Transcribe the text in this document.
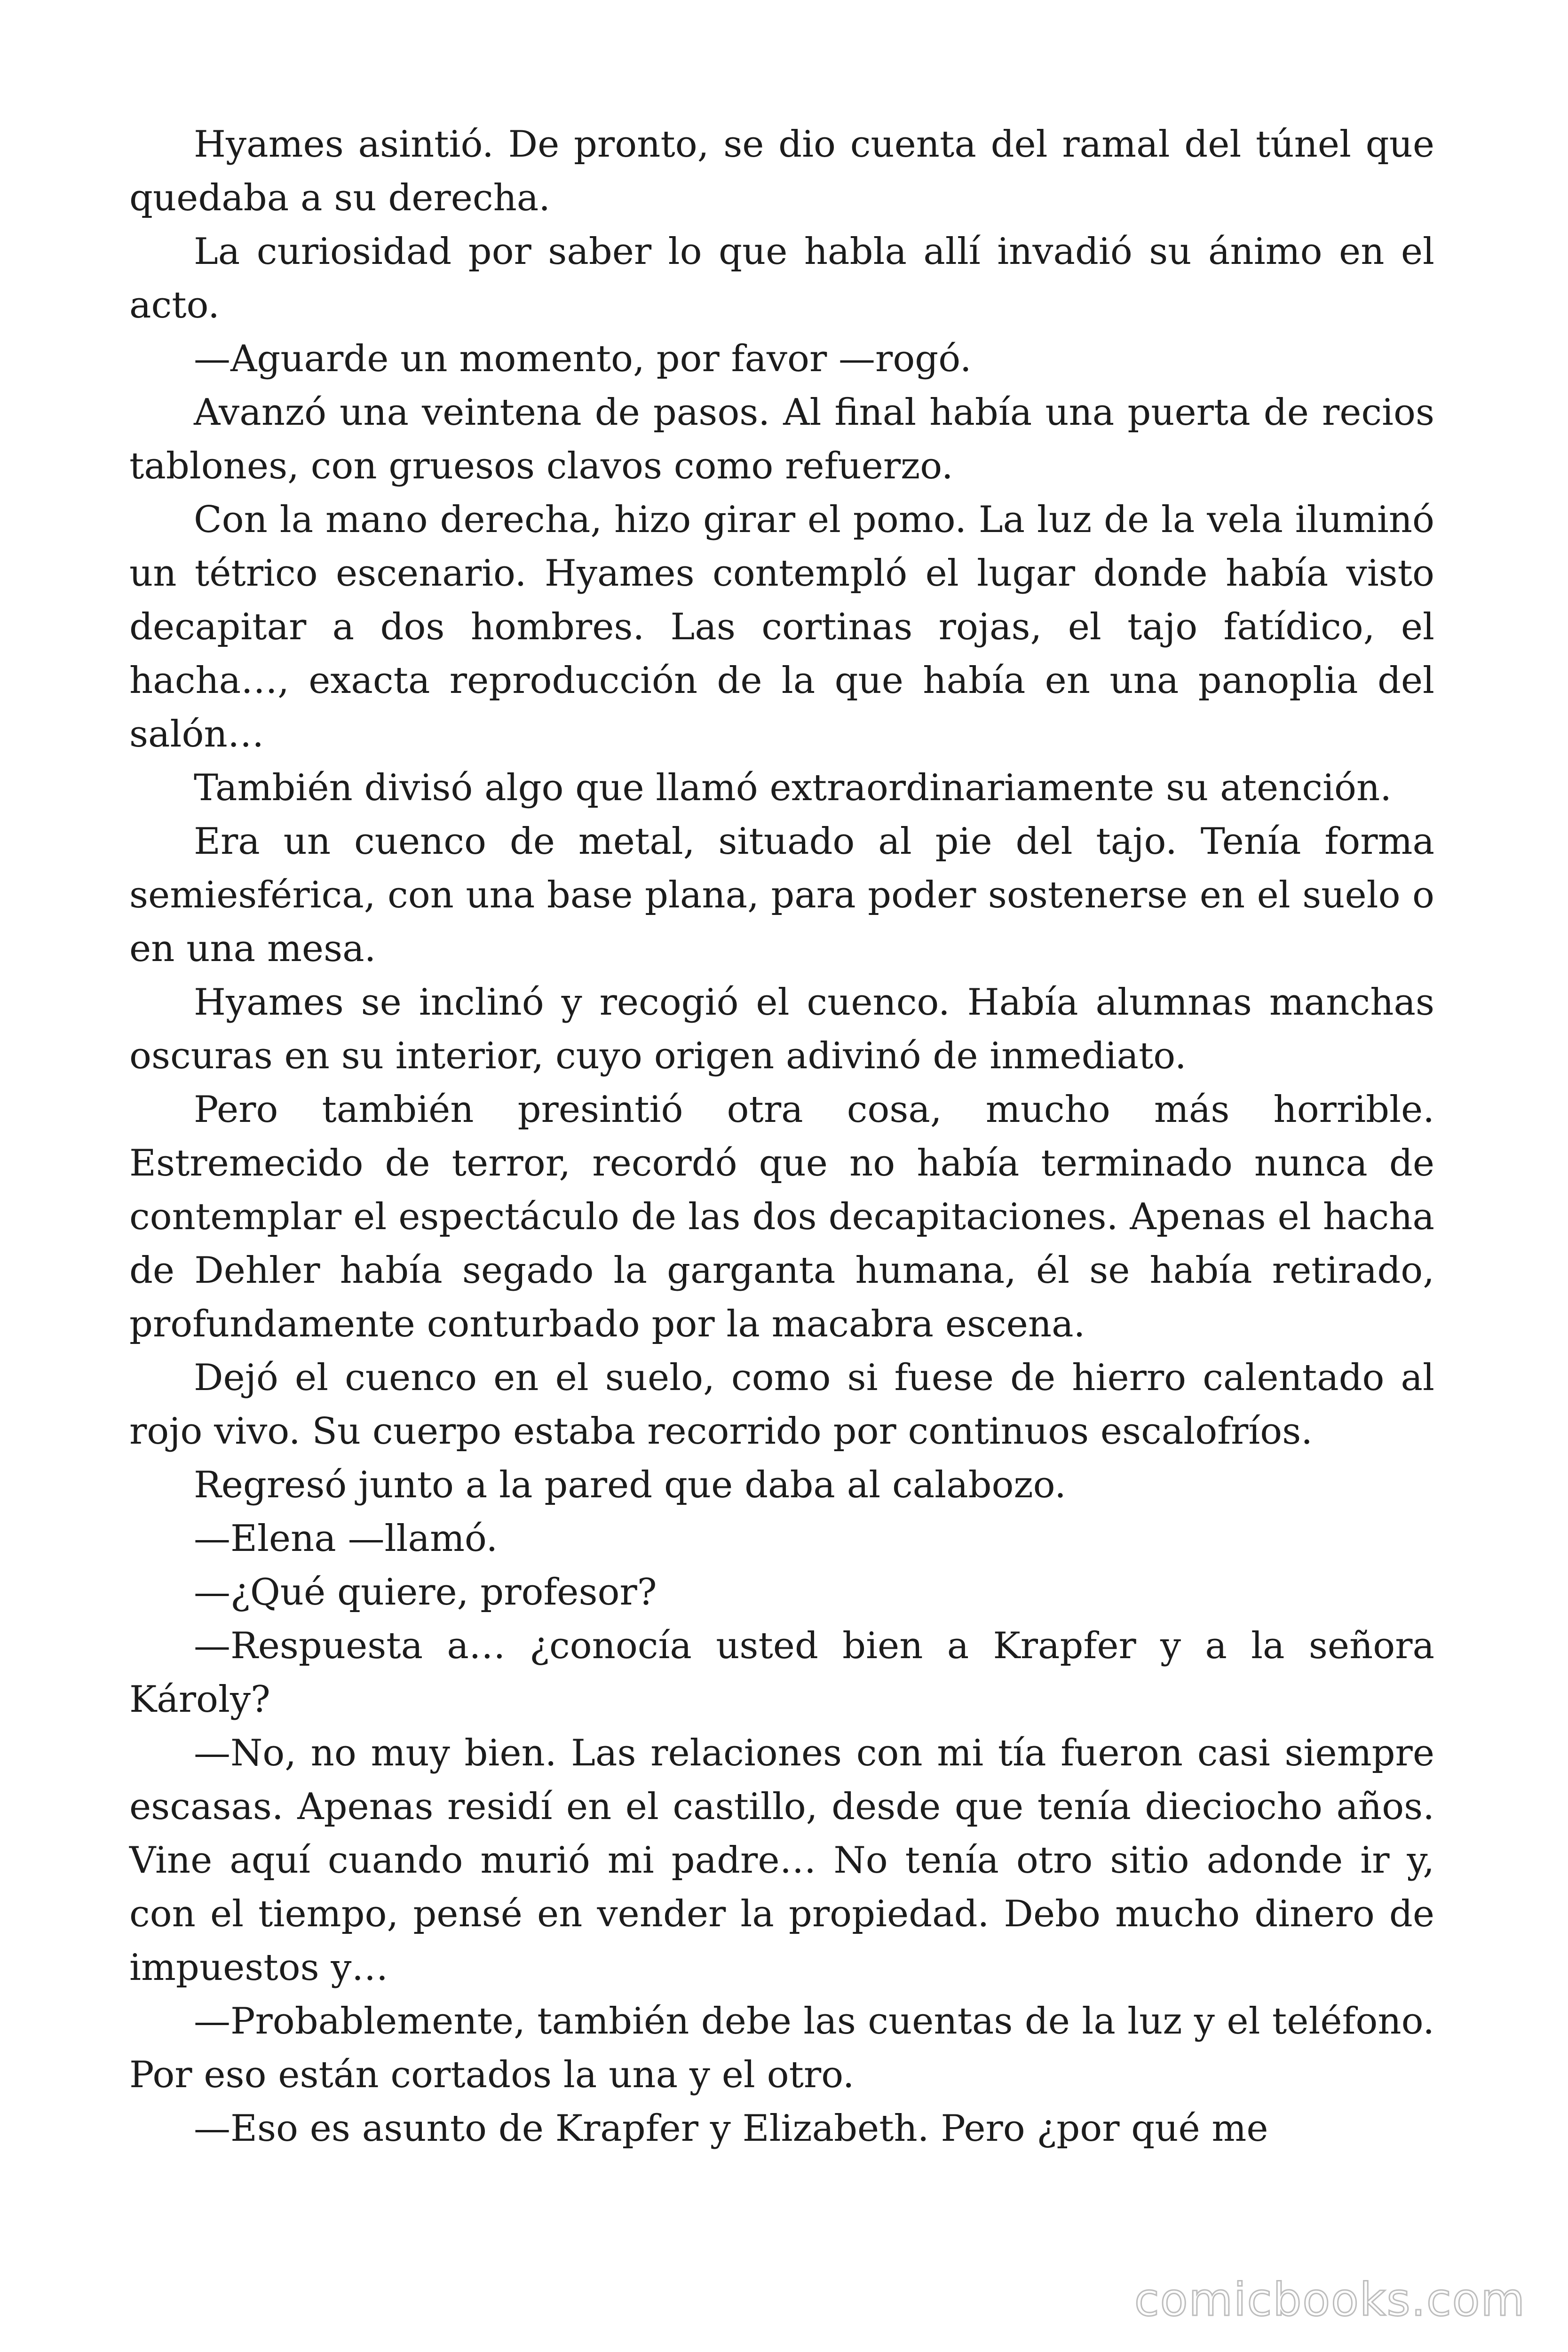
Hyames asintió. De pronto, se dio cuenta del ramal del túnel que quedaba a su derecha.

La curiosidad por saber lo que habla allí invadió su ánimo en el acto.

—Aguarde un momento, por favor —rogó.

Avanzó una veintena de pasos. Al final había una puerta de recios tablones, con gruesos clavos como refuerzo.

Con la mano derecha, hizo girar el pomo. La luz de la vela iluminó un tétrico escenario. Hyames contempló el lugar donde había visto decapitar a dos hombres. Las cortinas rojas, el tajo fatídico, el hacha…, exacta reproducción de la que había en una panoplia del salón…

También divisó algo que llamó extraordinariamente su atención.

Era un cuenco de metal, situado al pie del tajo. Tenía forma semiesférica, con una base plana, para poder sostenerse en el suelo o en una mesa.

Hyames se inclinó y recogió el cuenco. Había alumnas manchas oscuras en su interior, cuyo origen adivinó de inmediato.

Pero también presintió otra cosa, mucho más horrible. Estremecido de terror, recordó que no había terminado nunca de contemplar el espectáculo de las dos decapitaciones. Apenas el hacha de Dehler había segado la garganta humana, él se había retirado, profundamente conturbado por la macabra escena.

Dejó el cuenco en el suelo, como si fuese de hierro calentado al rojo vivo. Su cuerpo estaba recorrido por continuos escalofríos.

Regresó junto a la pared que daba al calabozo.

—Elena —llamó.

—¿Qué quiere, profesor?

—Respuesta a… ¿conocía usted bien a Krapfer y a la señora Károly?

—No, no muy bien. Las relaciones con mi tía fueron casi siempre escasas. Apenas residí en el castillo, desde que tenía dieciocho años. Vine aquí cuando murió mi padre… No tenía otro sitio adonde ir y, con el tiempo, pensé en vender la propiedad. Debo mucho dinero de impuestos y…

—Probablemente, también debe las cuentas de la luz y el teléfono. Por eso están cortados la una y el otro.

—Eso es asunto de Krapfer y Elizabeth. Pero ¿por qué me

comicbooks.com
